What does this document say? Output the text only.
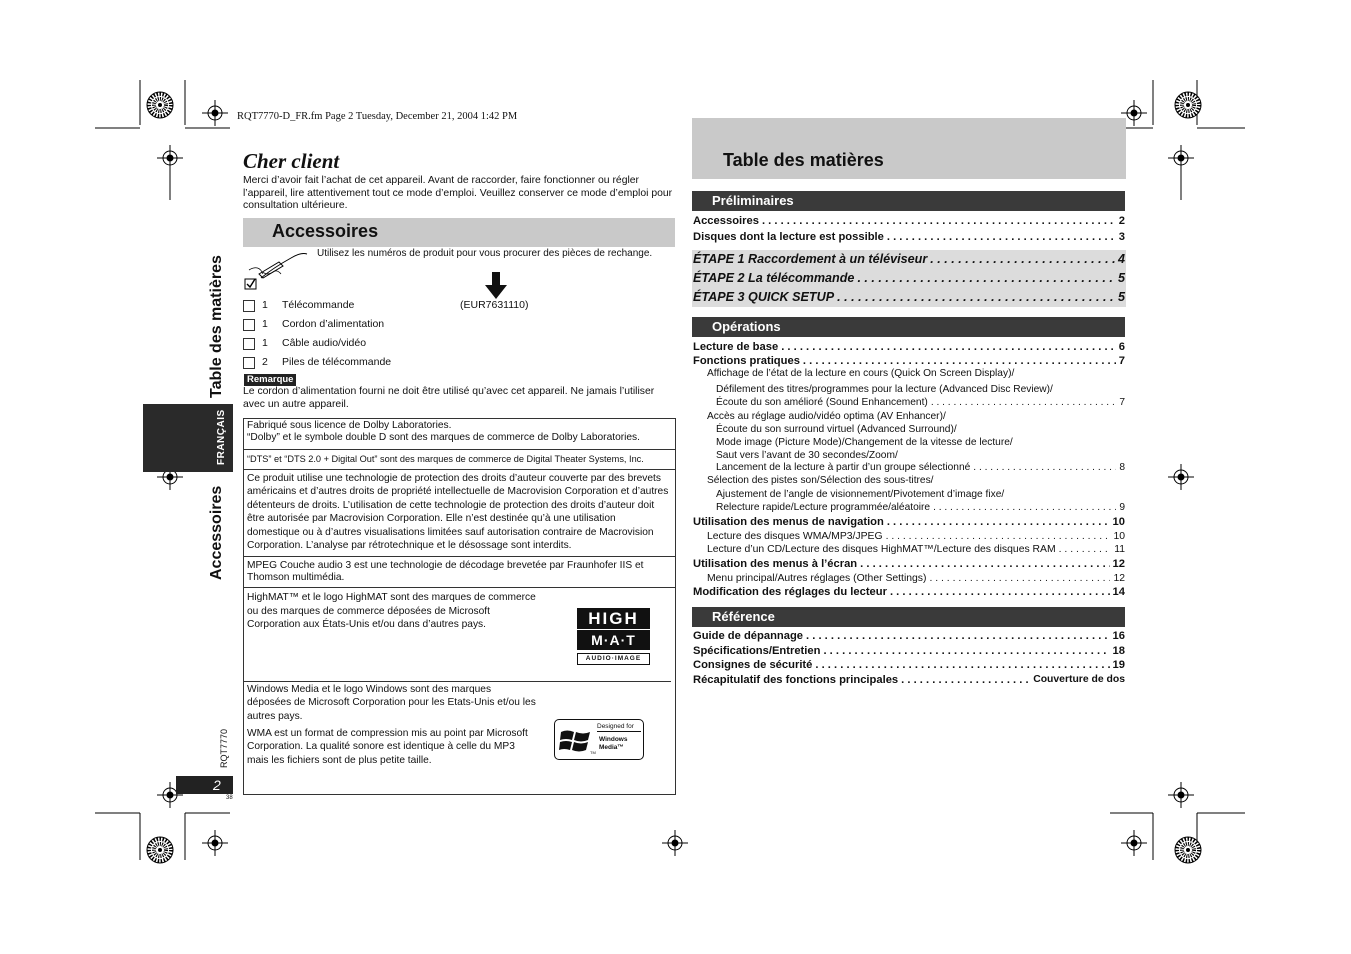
RQT7770-D_FR.fm Page 2 Tuesday, December 21, 2004 1:42 PM
Cher client
Merci d’avoir fait l’achat de cet appareil. Avant de raccorder, faire fonctionner ou régler l’appareil, lire attentivement tout ce mode d’emploi. Veuillez conserver ce mode d’emploi pour consultation ultérieure.
Accessoires
Utilisez les numéros de produit pour vous procurer des pièces de rechange.
1 Télécommande	(EUR7631110)
1 Cordon d’alimentation
1 Câble audio/vidéo
2 Piles de télécommande
Remarque
Le cordon d’alimentation fourni ne doit être utilisé qu’avec cet appareil. Ne jamais l’utiliser avec un autre appareil.
Fabriqué sous licence de Dolby Laboratories.
“Dolby” et le symbole double D sont des marques de commerce de Dolby Laboratories.
“DTS” et “DTS 2.0 + Digital Out” sont des marques de commerce de Digital Theater Systems, Inc.
Ce produit utilise une technologie de protection des droits d’auteur couverte par des brevets américains et d’autres droits de propriété intellectuelle de Macrovision Corporation et d’autres détenteurs de droits. L’utilisation de cette technologie de protection des droits d’auteur doit être autorisée par Macrovision Corporation. Elle n’est destinée qu’à une utilisation domestique ou à d’autres visualisations limitées sauf autorisation contraire de Macrovision Corporation. L’analyse par rétrotechnique et le désossage sont interdits.
MPEG Couche audio 3 est une technologie de décodage brevetée par Fraunhofer IIS et Thomson multimédia.
HighMAT™ et le logo HighMAT sont des marques de commerce
ou des marques de commerce déposées de Microsoft Corporation aux États-Unis et/ou dans d’autres pays.	HIGH
M·A·T
AUDIO·IMAGE
Windows Media et le logo Windows sont des marques déposées de Microsoft Corporation pour les Etats-Unis et/ou les autres pays.
WMA est un format de compression mis au point par Microsoft Corporation. La qualité sonore est identique à celle du MP3 mais les fichiers sont de plus petite taille.
TM
Designed for
Windows
Media™
Table des matières
Accessoires
FRANÇAIS
RQT7770
2
38
Table des matières
Préliminaires
Accessoires . . .	2
Disques dont la lecture est possible . . .	3
ÉTAPE 1 Raccordement à un téléviseur . . .	4
ÉTAPE 2 La télécommande . . .	5
ÉTAPE 3 QUICK SETUP . . .	5
Opérations
Lecture de base . . .	6
Fonctions pratiques . . .	7
Affichage de l’état de la lecture en cours (Quick On Screen Display)/
Défilement des titres/programmes pour la lecture (Advanced Disc Review)/
Écoute du son amélioré (Sound Enhancement) . . .	7
Accès au réglage audio/vidéo optima (AV Enhancer)/
Écoute du son surround virtuel (Advanced Surround)/
Mode image (Picture Mode)/Changement de la vitesse de lecture/
Saut vers l’avant de 30 secondes/Zoom/
Lancement de la lecture à partir d’un groupe sélectionné . . .	8
Sélection des pistes son/Sélection des sous-titres/
Ajustement de l’angle de visionnement/Pivotement d’image fixe/
Relecture rapide/Lecture programmée/aléatoire . . .	9
Utilisation des menus de navigation . . .	10
Lecture des disques WMA/MP3/JPEG . . .	10
Lecture d’un CD/Lecture des disques HighMAT™/Lecture des disques RAM . . .	11
Utilisation des menus à l’écran . . .	12
Menu principal/Autres réglages (Other Settings) . . .	12
Modification des réglages du lecteur . . .	14
Référence
Guide de dépannage . . .	16
Spécifications/Entretien . . .	18
Consignes de sécurité . . .	19
Récapitulatif des fonctions principales . . .	Couverture de dos
